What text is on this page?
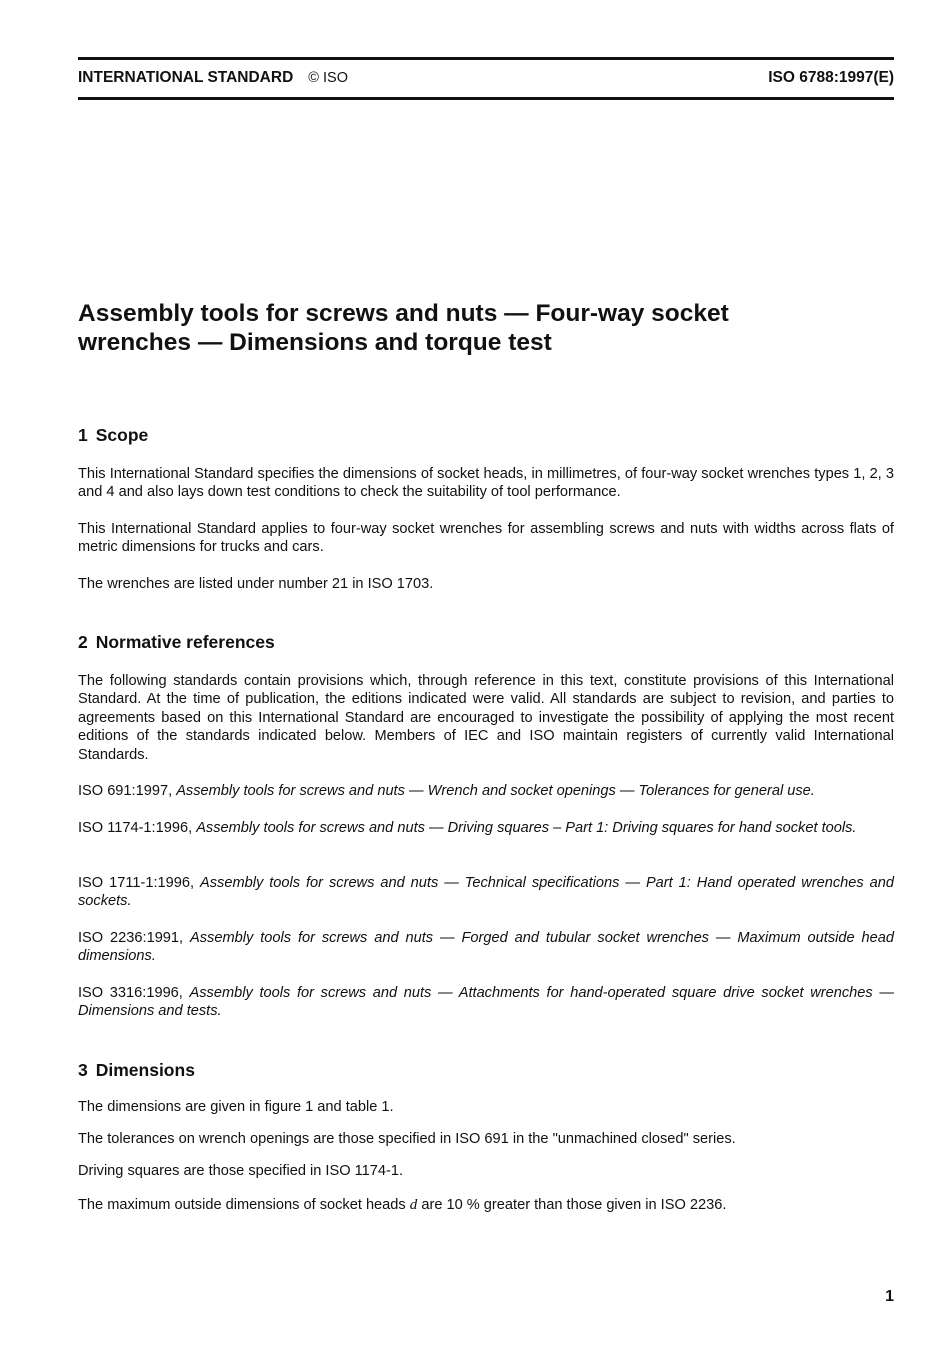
INTERNATIONAL STANDARD © ISO	ISO 6788:1997(E)
Assembly tools for screws and nuts — Four-way socket
wrenches — Dimensions and torque test
1 Scope

This International Standard specifies the dimensions of socket heads, in millimetres, of four-way socket wrenches types 1, 2, 3 and 4 and also lays down test conditions to check the suitability of tool performance.

This International Standard applies to four-way socket wrenches for assembling screws and nuts with widths across flats of metric dimensions for trucks and cars.

The wrenches are listed under number 21 in ISO 1703.

2 Normative references

The following standards contain provisions which, through reference in this text, constitute provisions of this International Standard. At the time of publication, the editions indicated were valid. All standards are subject to revision, and parties to agreements based on this International Standard are encouraged to investigate the possibility of applying the most recent editions of the standards indicated below. Members of IEC and ISO maintain registers of currently valid International Standards.

ISO 691:1997, Assembly tools for screws and nuts — Wrench and socket openings — Tolerances for general use.

ISO 1174-1:1996, Assembly tools for screws and nuts — Driving squares – Part 1: Driving squares for hand socket tools.

ISO 1711-1:1996, Assembly tools for screws and nuts — Technical specifications — Part 1: Hand operated wrenches and sockets.

ISO 2236:1991, Assembly tools for screws and nuts — Forged and tubular socket wrenches — Maximum outside head dimensions.

ISO 3316:1996, Assembly tools for screws and nuts — Attachments for hand-operated square drive socket wrenches — Dimensions and tests.

3 Dimensions

The dimensions are given in figure 1 and table 1.

The tolerances on wrench openings are those specified in ISO 691 in the "unmachined closed" series.

Driving squares are those specified in ISO 1174-1.

The maximum outside dimensions of socket heads d are 10 % greater than those given in ISO 2236.

1
